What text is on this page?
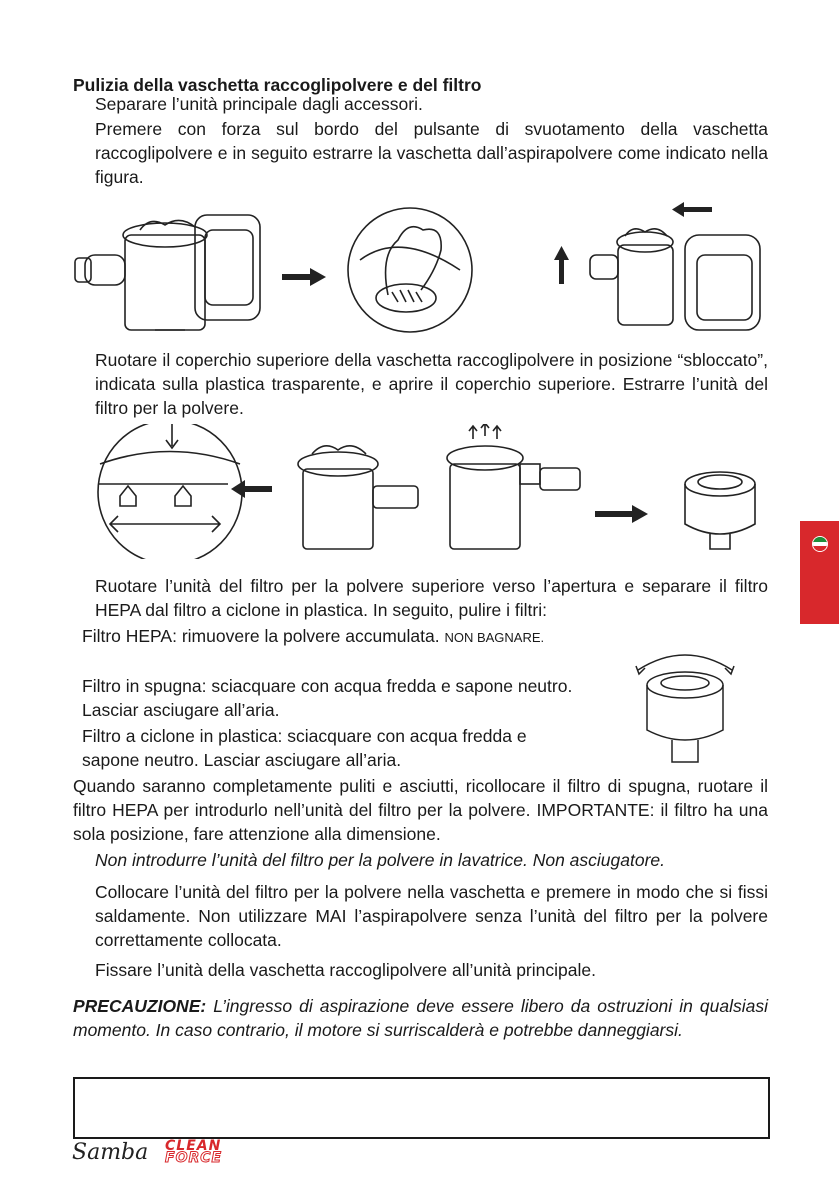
Pulizia della vaschetta raccoglipolvere e del filtro
Separare l’unità principale dagli accessori.
Premere con forza sul bordo del pulsante di svuotamento della vaschetta raccoglipolvere e in seguito estrarre la vaschetta dall’aspirapolvere come indicato nella figura.
Ruotare il coperchio superiore della vaschetta raccoglipolvere in posizione “sbloccato”, indicata sulla plastica trasparente, e aprire il coperchio superiore. Estrarre l’unità del filtro per la polvere.
Ruotare l’unità del filtro per la polvere superiore verso l’apertura e separare il filtro HEPA dal filtro a ciclone in plastica. In seguito, pulire i filtri:
Filtro HEPA: rimuovere la polvere accumulata. NON BAGNARE.
Filtro in spugna: sciacquare con acqua fredda e sapone neutro. Lasciar asciugare all’aria.
Filtro a ciclone in plastica: sciacquare con acqua fredda e sapone neutro. Lasciar asciugare all’aria.
Quando saranno completamente puliti e asciutti, ricollocare il filtro di spugna, ruotare il filtro HEPA per introdurlo nell’unità del filtro per la polvere. IMPORTANTE: il filtro ha una sola posizione, fare attenzione alla dimensione.
Non introdurre l’unità del filtro per la polvere in lavatrice. Non asciugatore.
Collocare l’unità del filtro per la polvere nella vaschetta e premere in modo che si fissi saldamente. Non utilizzare MAI l’aspirapolvere senza l’unità del filtro per la polvere correttamente collocata.
Fissare l’unità della vaschetta raccoglipolvere all’unità principale.
PRECAUZIONE: L’ingresso di aspirazione deve essere libero da ostruzioni in qualsiasi momento. In caso contrario, il motore si surriscalderà e potrebbe danneggiarsi.
Samba CLEAN
FORCE
